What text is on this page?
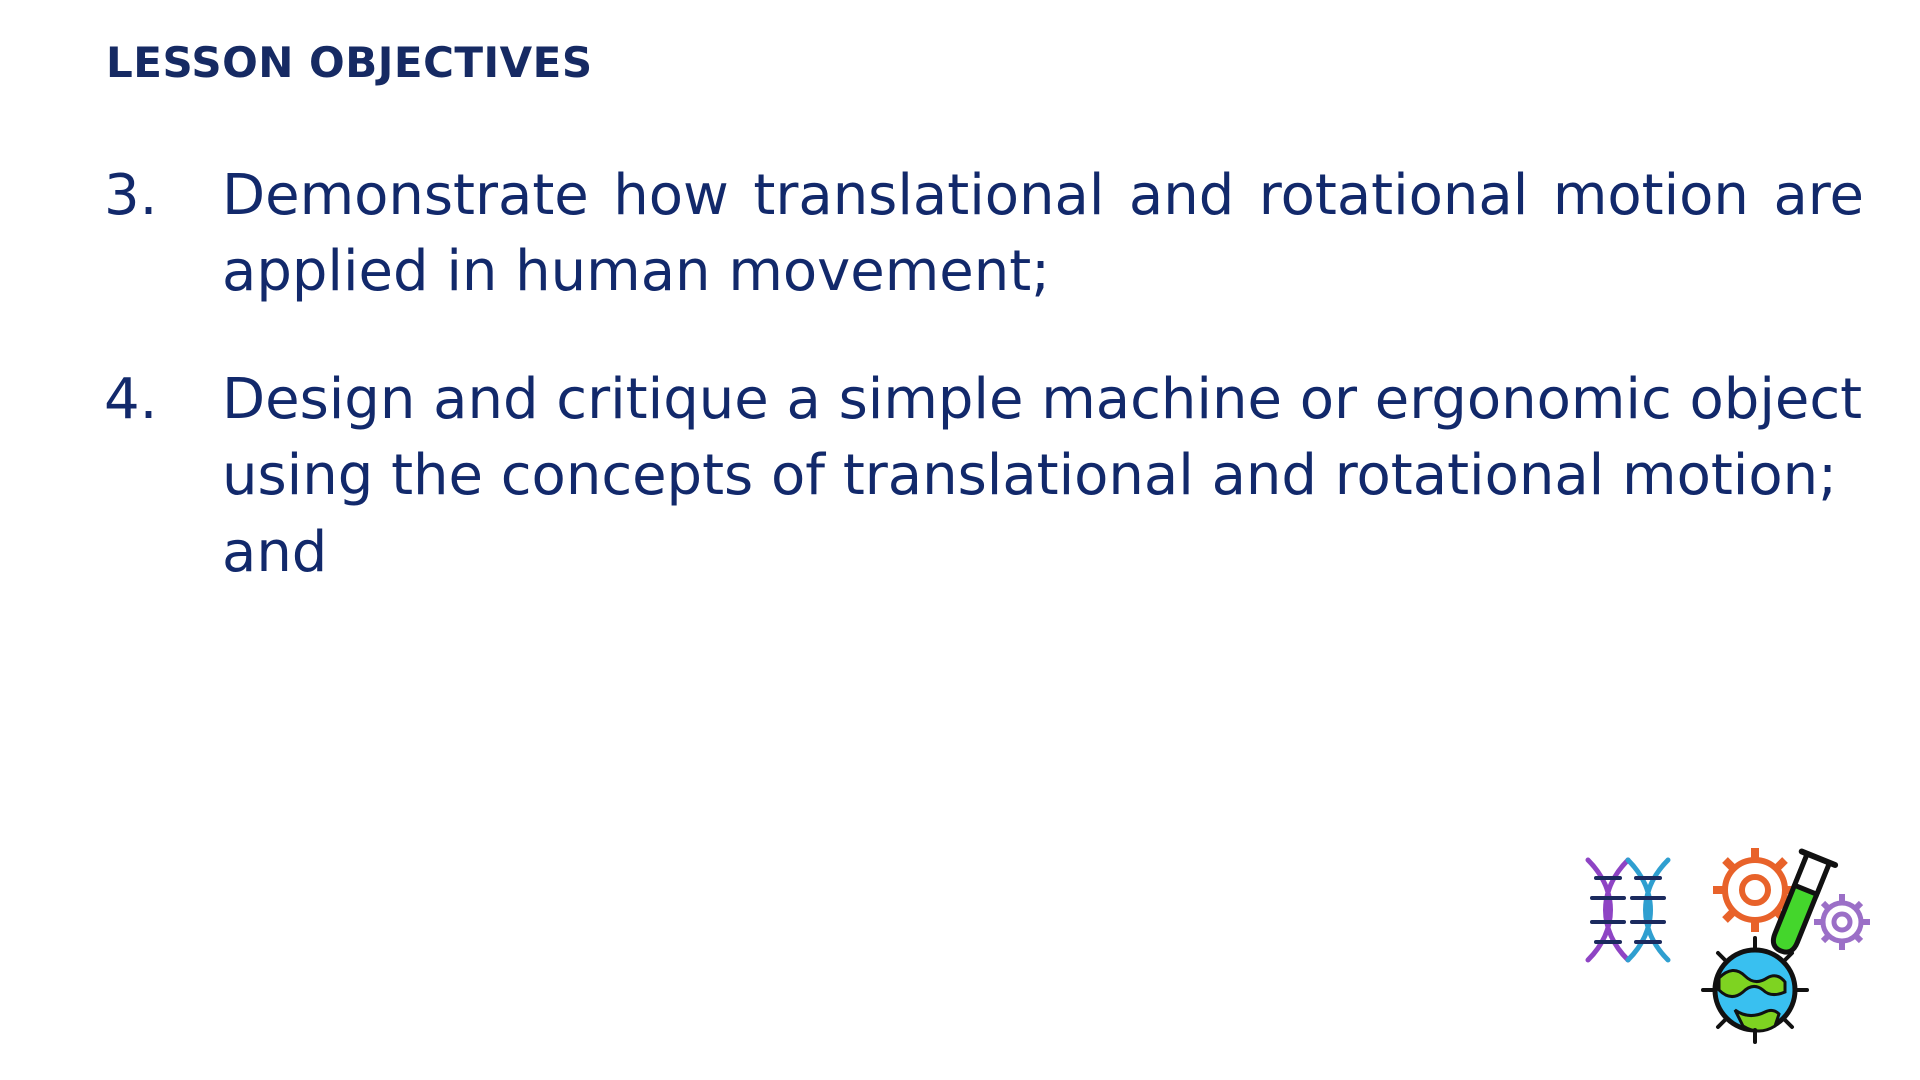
LESSON OBJECTIVES
3.	Demonstrate how translational and rotational motion are applied in human movement;
4.	Design and critique a simple machine or ergonomic object using the concepts of translational and rotational motion; and
